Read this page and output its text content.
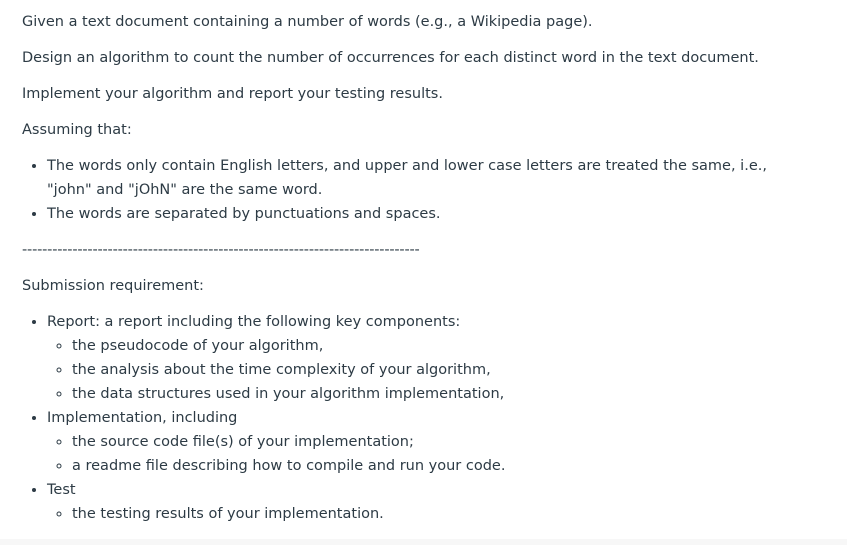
Given a text document containing a number of words (e.g., a Wikipedia page).

Design an algorithm to count the number of occurrences for each distinct word in the text document.

Implement your algorithm and report your testing results.

Assuming that:

• The words only contain English letters, and upper and lower case letters are treated the same, i.e., "john" and "jOhN" are the same word.
• The words are separated by punctuations and spaces.
-------------------------------------------------------------------------------

Submission requirement:

• Report: a report including the following key components:
◦ the pseudocode of your algorithm,
◦ the analysis about the time complexity of your algorithm,
◦ the data structures used in your algorithm implementation,
• Implementation, including
◦ the source code file(s) of your implementation;
◦ a readme file describing how to compile and run your code.
• Test
◦ the testing results of your implementation.
